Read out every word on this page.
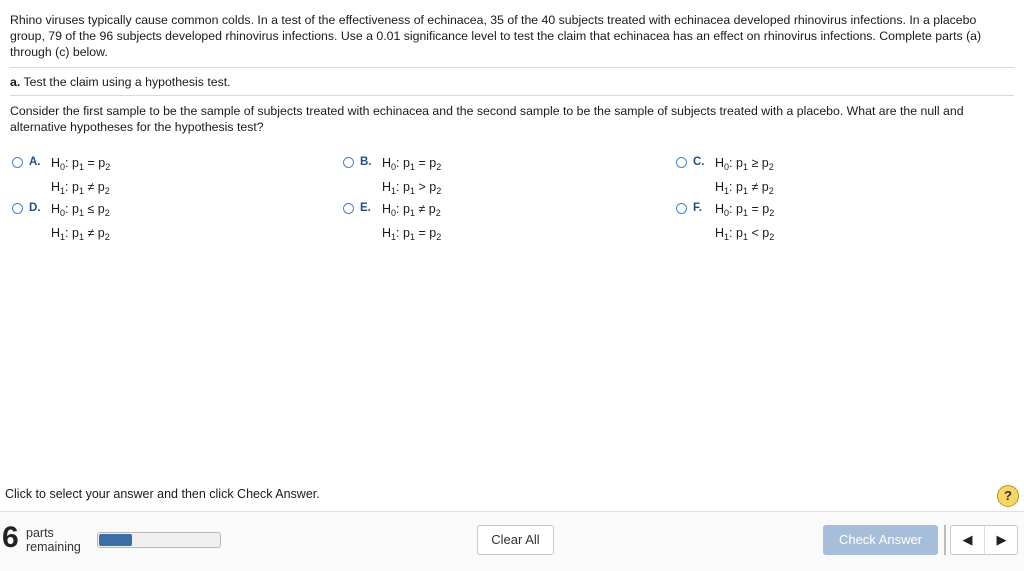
Rhino viruses typically cause common colds. In a test of the effectiveness of echinacea, 35 of the 40 subjects treated with echinacea developed rhinovirus infections. In a placebo group, 79 of the 96 subjects developed rhinovirus infections. Use a 0.01 significance level to test the claim that echinacea has an effect on rhinovirus infections. Complete parts (a) through (c) below.
a. Test the claim using a hypothesis test.
Consider the first sample to be the sample of subjects treated with echinacea and the second sample to be the sample of subjects treated with a placebo. What are the null and alternative hypotheses for the hypothesis test?
A. $H_0$: $p_1 = p_2$
$H_1$: $p_1 \ne p_2$
B. $H_0$: $p_1 = p_2$
$H_1$: $p_1 > p_2$
C. $H_0$: $p_1 \ge p_2$
$H_1$: $p_1 \ne p_2$
D. $H_0$: $p_1 \le p_2$
$H_1$: $p_1 \ne p_2$
E. $H_0$: $p_1 \ne p_2$
$H_1$: $p_1 = p_2$
F.	$H_0$: $p_1 = p_2$
$H_1$: $p_1 < p_2$
Click to select your answer and then click Check Answer.	?
6 parts
remaining	Clear All	Check Answer	◀	▶
